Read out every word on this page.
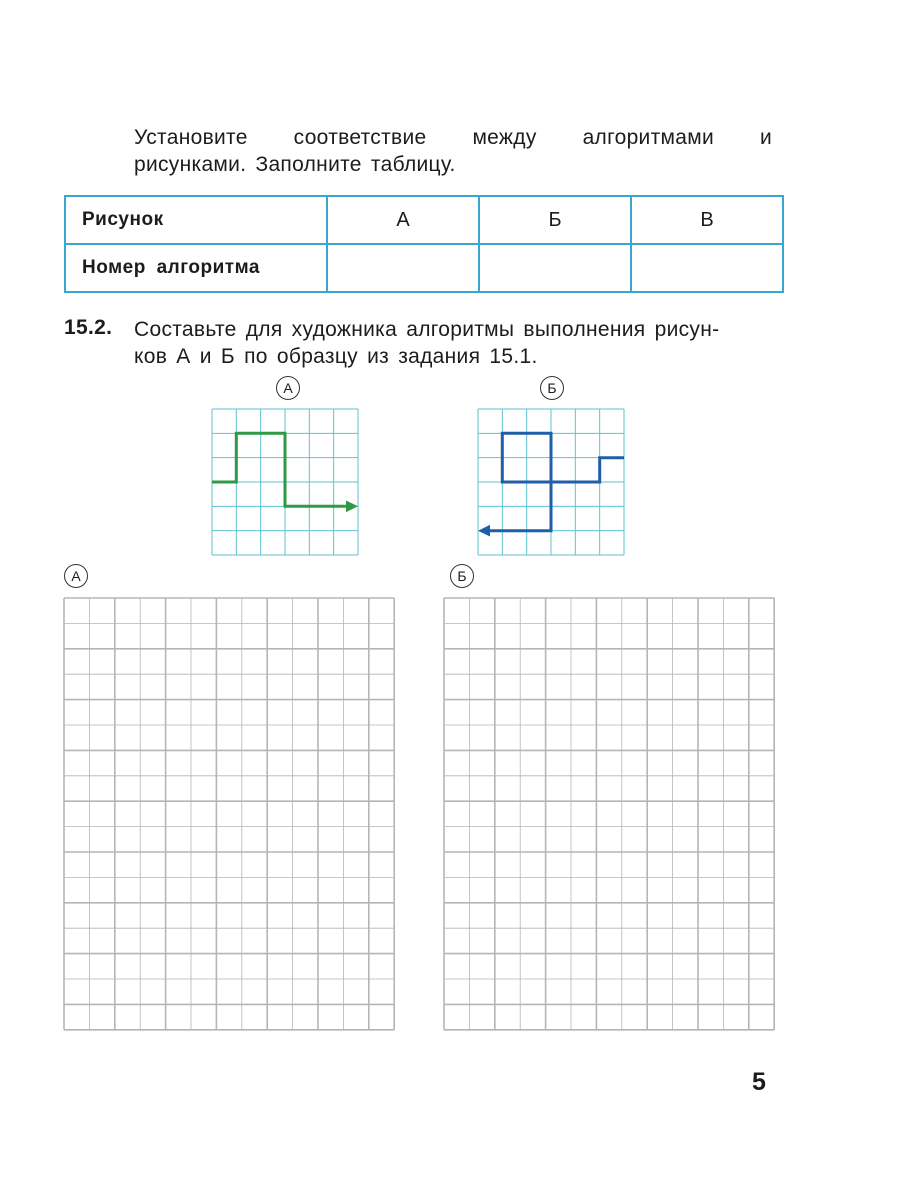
Установите соответствие между алгоритмами и
рисунками. Заполните таблицу.
Рисунок	А	Б	В
Номер алгоритма			
15.2. Составьте для художника алгоритмы выполнения рисун-
ков А и Б по образцу из задания 15.1.
А	Б
А	Б
5
